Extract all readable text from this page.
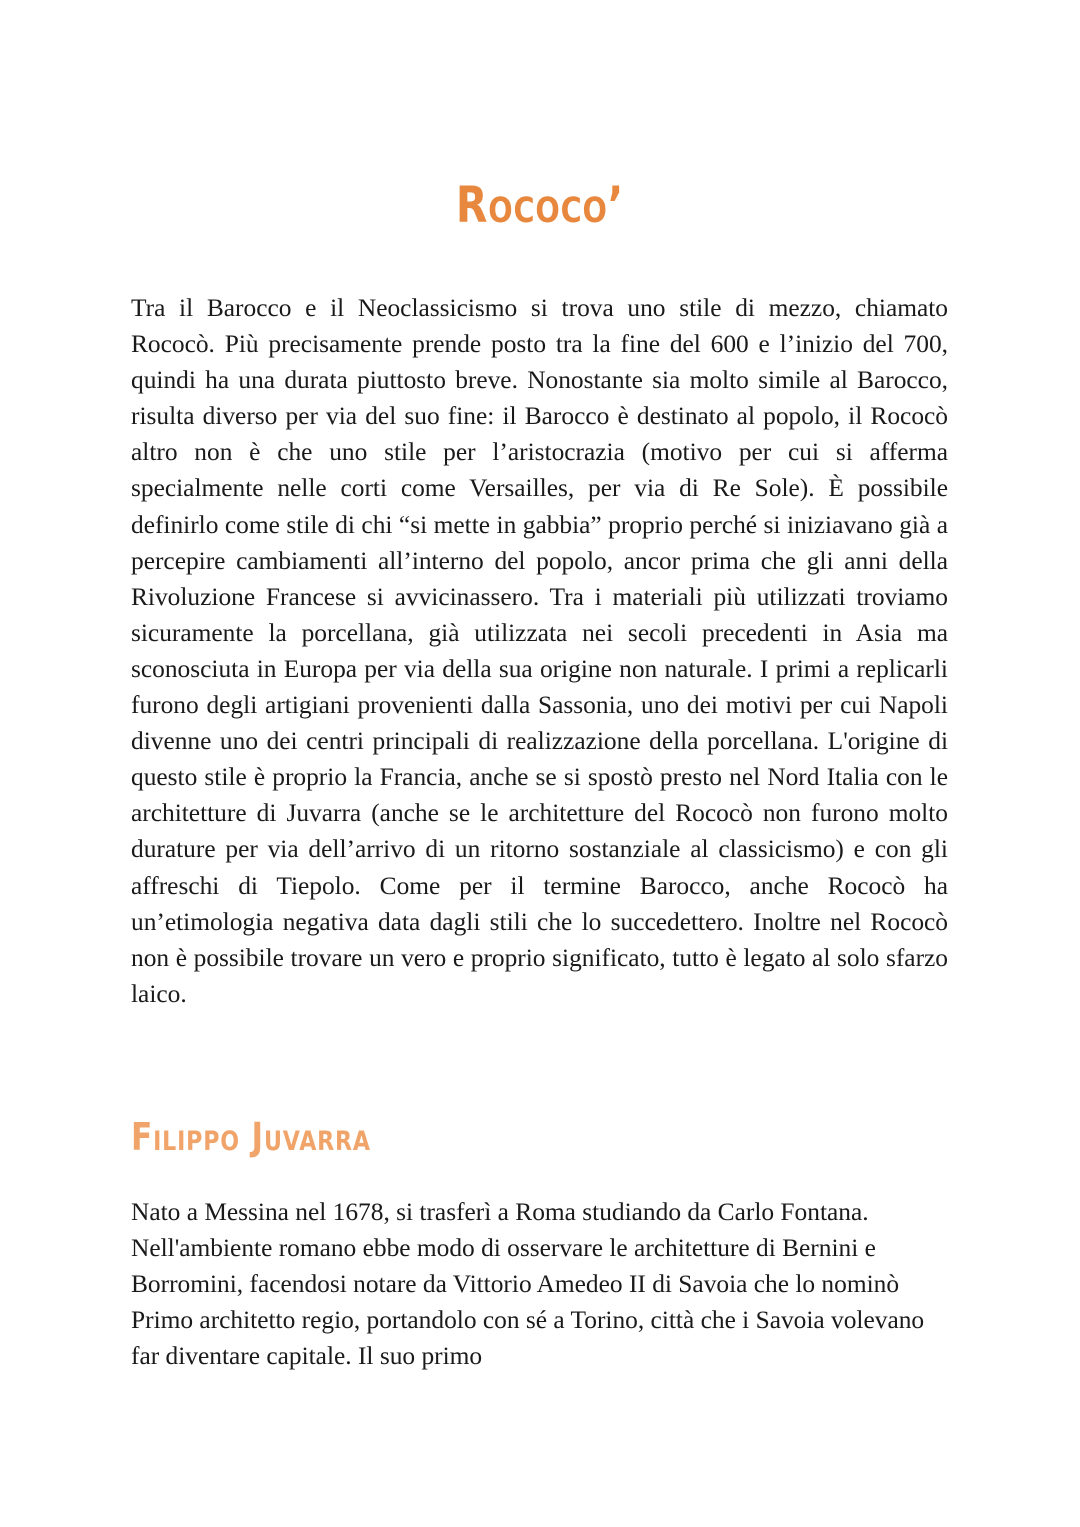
Rococo’

Tra il Barocco e il Neoclassicismo si trova uno stile di mezzo, chiamato Rococò. Più precisamente prende posto tra la fine del 600 e l’inizio del 700, quindi ha una durata piuttosto breve. Nonostante sia molto simile al Barocco, risulta diverso per via del suo fine: il Barocco è destinato al popolo, il Rococò altro non è che uno stile per l’aristocrazia (motivo per cui si afferma specialmente nelle corti come Versailles, per via di Re Sole). È possibile definirlo come stile di chi “si mette in gabbia” proprio perché si iniziavano già a percepire cambiamenti all’interno del popolo, ancor prima che gli anni della Rivoluzione Francese si avvicinassero. Tra i materiali più utilizzati troviamo sicuramente la porcellana, già utilizzata nei secoli precedenti in Asia ma sconosciuta in Europa per via della sua origine non naturale. I primi a replicarli furono degli artigiani provenienti dalla Sassonia, uno dei motivi per cui Napoli divenne uno dei centri principali di realizzazione della porcellana. L'origine di questo stile è proprio la Francia, anche se si spostò presto nel Nord Italia con le architetture di Juvarra (anche se le architetture del Rococò non furono molto durature per via dell’arrivo di un ritorno sostanziale al classicismo) e con gli affreschi di Tiepolo. Come per il termine Barocco, anche Rococò ha un’etimologia negativa data dagli stili che lo succedettero. Inoltre nel Rococò non è possibile trovare un vero e proprio significato, tutto è legato al solo sfarzo laico.

Filippo Juvarra

Nato a Messina nel 1678, si trasferì a Roma studiando da Carlo Fontana. Nell'ambiente romano ebbe modo di osservare le architetture di Bernini e Borromini, facendosi notare da Vittorio Amedeo II di Savoia che lo nominò Primo architetto regio, portandolo con sé a Torino, città che i Savoia volevano far diventare capitale. Il suo primo
